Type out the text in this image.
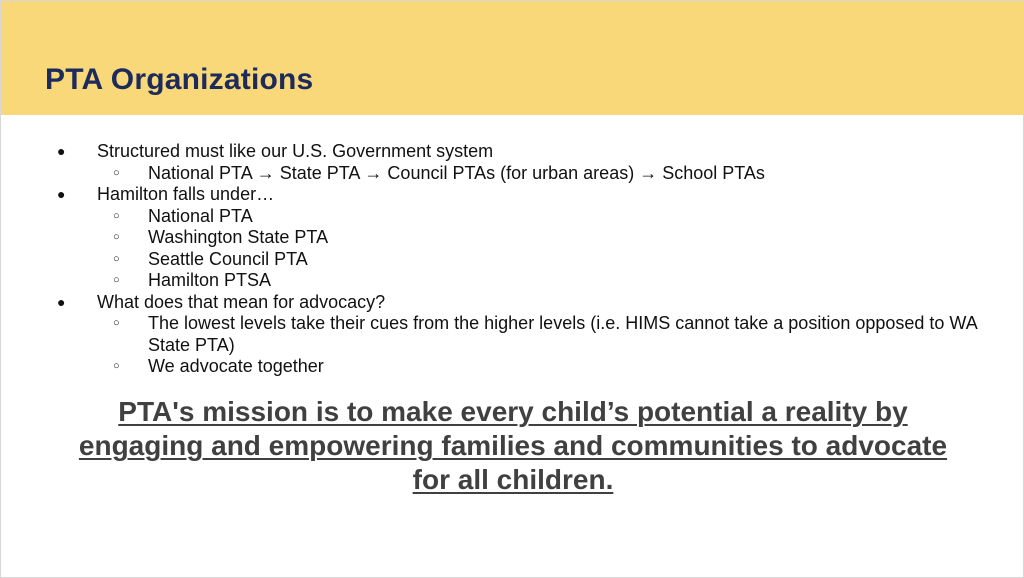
PTA Organizations
● Structured must like our U.S. Government system
○ National PTA → State PTA → Council PTAs (for urban areas) → School PTAs
● Hamilton falls under…
○ National PTA
○ Washington State PTA
○ Seattle Council PTA
○ Hamilton PTSA
● What does that mean for advocacy?
○ The lowest levels take their cues from the higher levels (i.e. HIMS cannot take a position opposed to WA State PTA)
○ We advocate together
PTA's mission is to make every child’s potential a reality by engaging and empowering families and communities to advocate for all children.
